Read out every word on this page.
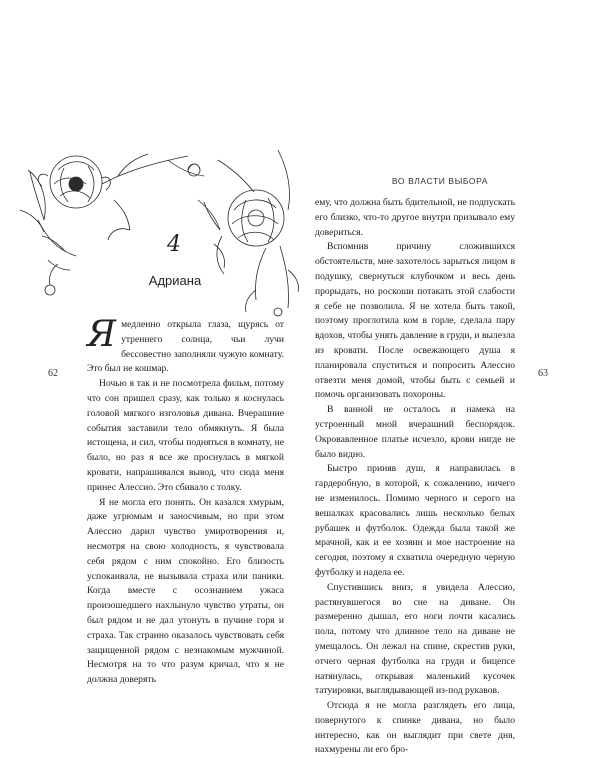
4
Адриана
62

Я медленно открыла глаза, щурясь от утреннего солнца, чьи лучи бессовестно заполняли чужую комнату. Это был не кошмар.

Ночью я так и не посмотрела фильм, потому что сон пришел сразу, как только я коснулась головой мягкого изголовья дивана. Вчерашние события заставили тело обмякнуть. Я была истощена, и сил, чтобы подняться в комнату, не было, но раз я все же проснулась в мягкой кровати, напрашивался вывод, что сюда меня принес Алессио. Это сбивало с толку.

Я не могла его понять. Он казался хмурым, даже угрюмым и заносчивым, но при этом Алессио дарил чувство умиротворения и, несмотря на свою холодность, я чувствовала себя рядом с ним спокойно. Его близость успокаивала, не вызывала страха или паники. Когда вместе с осознанием ужаса произошедшего нахлынуло чувство утраты, он был рядом и не дал утонуть в пучине горя и страха. Так странно оказалось чувствовать себя защищенной рядом с незнакомым мужчиной. Несмотря на то что разум кричал, что я не должна доверять

ВО ВЛАСТИ ВЫБОРА
63

ему, что должна быть бдительной, не подпускать его близко, что-то другое внутри призывало ему довериться.

Вспомнив причину сложившихся обстоятельств, мне захотелось зарыться лицом в подушку, свернуться клубочком и весь день прорыдать, но роскоши потакать этой слабости я себе не позволила. Я не хотела быть такой, поэтому проглотила ком в горле, сделала пару вдохов, чтобы унять давление в груди, и вылезла из кровати. После освежающего душа я планировала спуститься и попросить Алессио отвезти меня домой, чтобы быть с семьей и помочь организовать похороны.

В ванной не осталось и намека на устроенный мной вчерашний беспорядок. Окровавленное платье исчезло, крови нигде не было видно.

Быстро приняв душ, я направилась в гардеробную, в которой, к сожалению, ничего не изменилось. Помимо черного и серого на вешалках красовались лишь несколько белых рубашек и футболок. Одежда была такой же мрачной, как и ее хозяин и мое настроение на сегодня, поэтому я схватила очередную черную футболку и надела ее.

Спустившись вниз, я увидела Алессио, растянувшегося во сне на диване. Он размеренно дышал, его ноги почти касались пола, потому что длинное тело на диване не умещалось. Он лежал на спине, скрестив руки, отчего черная футболка на груди и бицепсе натянулась, открывая маленький кусочек татуировки, выглядывающей из-под рукавов.

Отсюда я не могла разглядеть его лица, повернутого к спинке дивана, но было интересно, как он выглядит при свете дня, нахмурены ли его бро-
